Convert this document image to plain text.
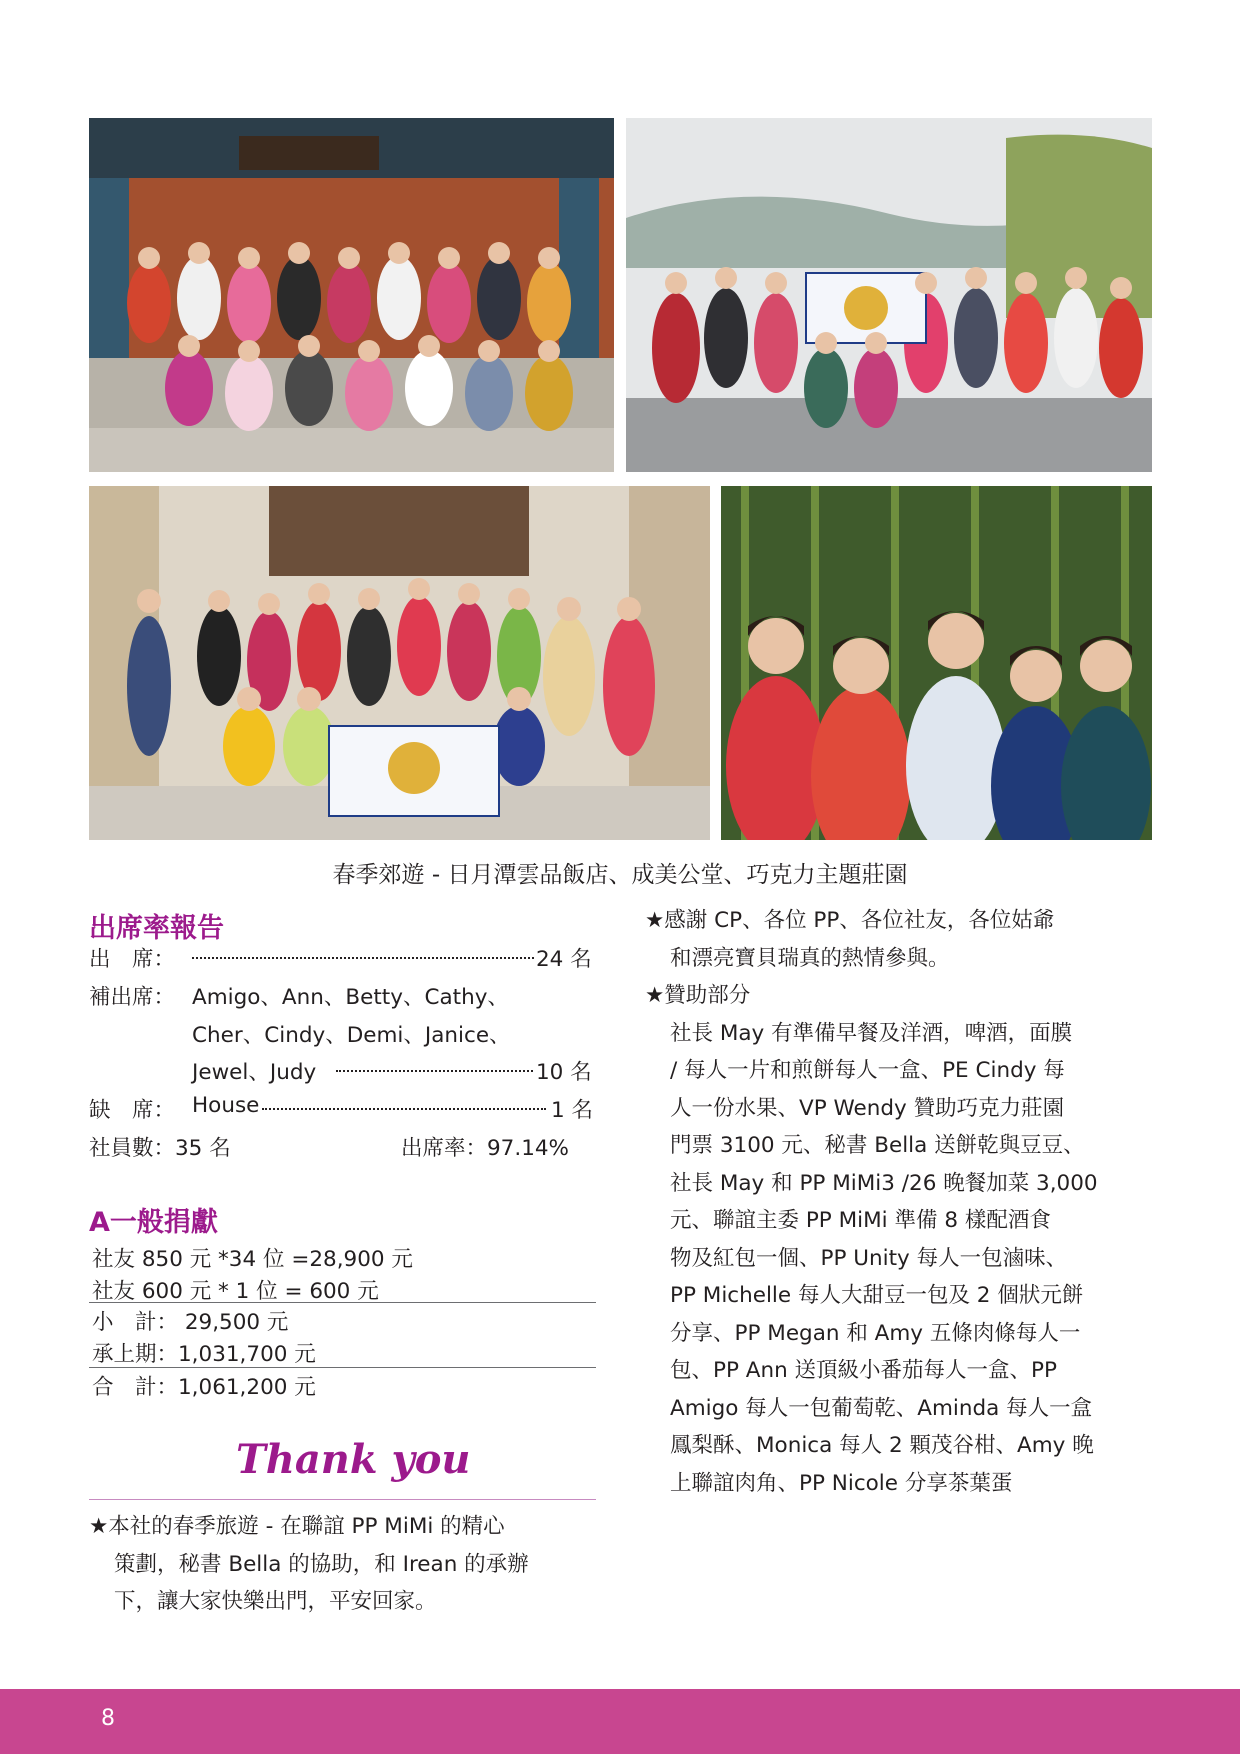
春季郊遊 - 日月潭雲品飯店、成美公堂、巧克力主題莊園
出席率報告
出　席：	24 名
補出席： Amigo、Ann、Betty、Cathy、
Cher、Cindy、Demi、Janice、
Jewel、Judy	10 名
缺　席： House	1 名
社員數：35 名	出席率：97.14%
A一般捐獻
社友 850 元 *34 位 =28,900 元
社友 600 元 * 1 位 = 600 元
小　計： 29,500 元
承上期：1,031,700 元
合　計：1,061,200 元
Thank you
★本社的春季旅遊 - 在聯誼 PP MiMi 的精心
策劃，秘書 Bella 的協助，和 Irean 的承辦
下，讓大家快樂出門，平安回家。
★感謝 CP、各位 PP、各位社友，各位姑爺
和漂亮寶貝瑞真的熱情參與。
★贊助部分
社長 May 有準備早餐及洋酒，啤酒，面膜
/ 每人一片和煎餅每人一盒、PE Cindy 每
人一份水果、VP Wendy 贊助巧克力莊園
門票 3100 元、秘書 Bella 送餅乾與豆豆、
社長 May 和 PP MiMi3 /26 晚餐加菜 3,000
元、聯誼主委 PP MiMi 準備 8 樣配酒食
物及紅包一個、PP Unity 每人一包滷味、
PP Michelle 每人大甜豆一包及 2 個狀元餅
分享、PP Megan 和 Amy 五條肉條每人一
包、PP Ann 送頂級小番茄每人一盒、PP
Amigo 每人一包葡萄乾、Aminda 每人一盒
鳳梨酥、Monica 每人 2 顆茂谷柑、Amy 晚
上聯誼肉角、PP Nicole 分享茶葉蛋
8
